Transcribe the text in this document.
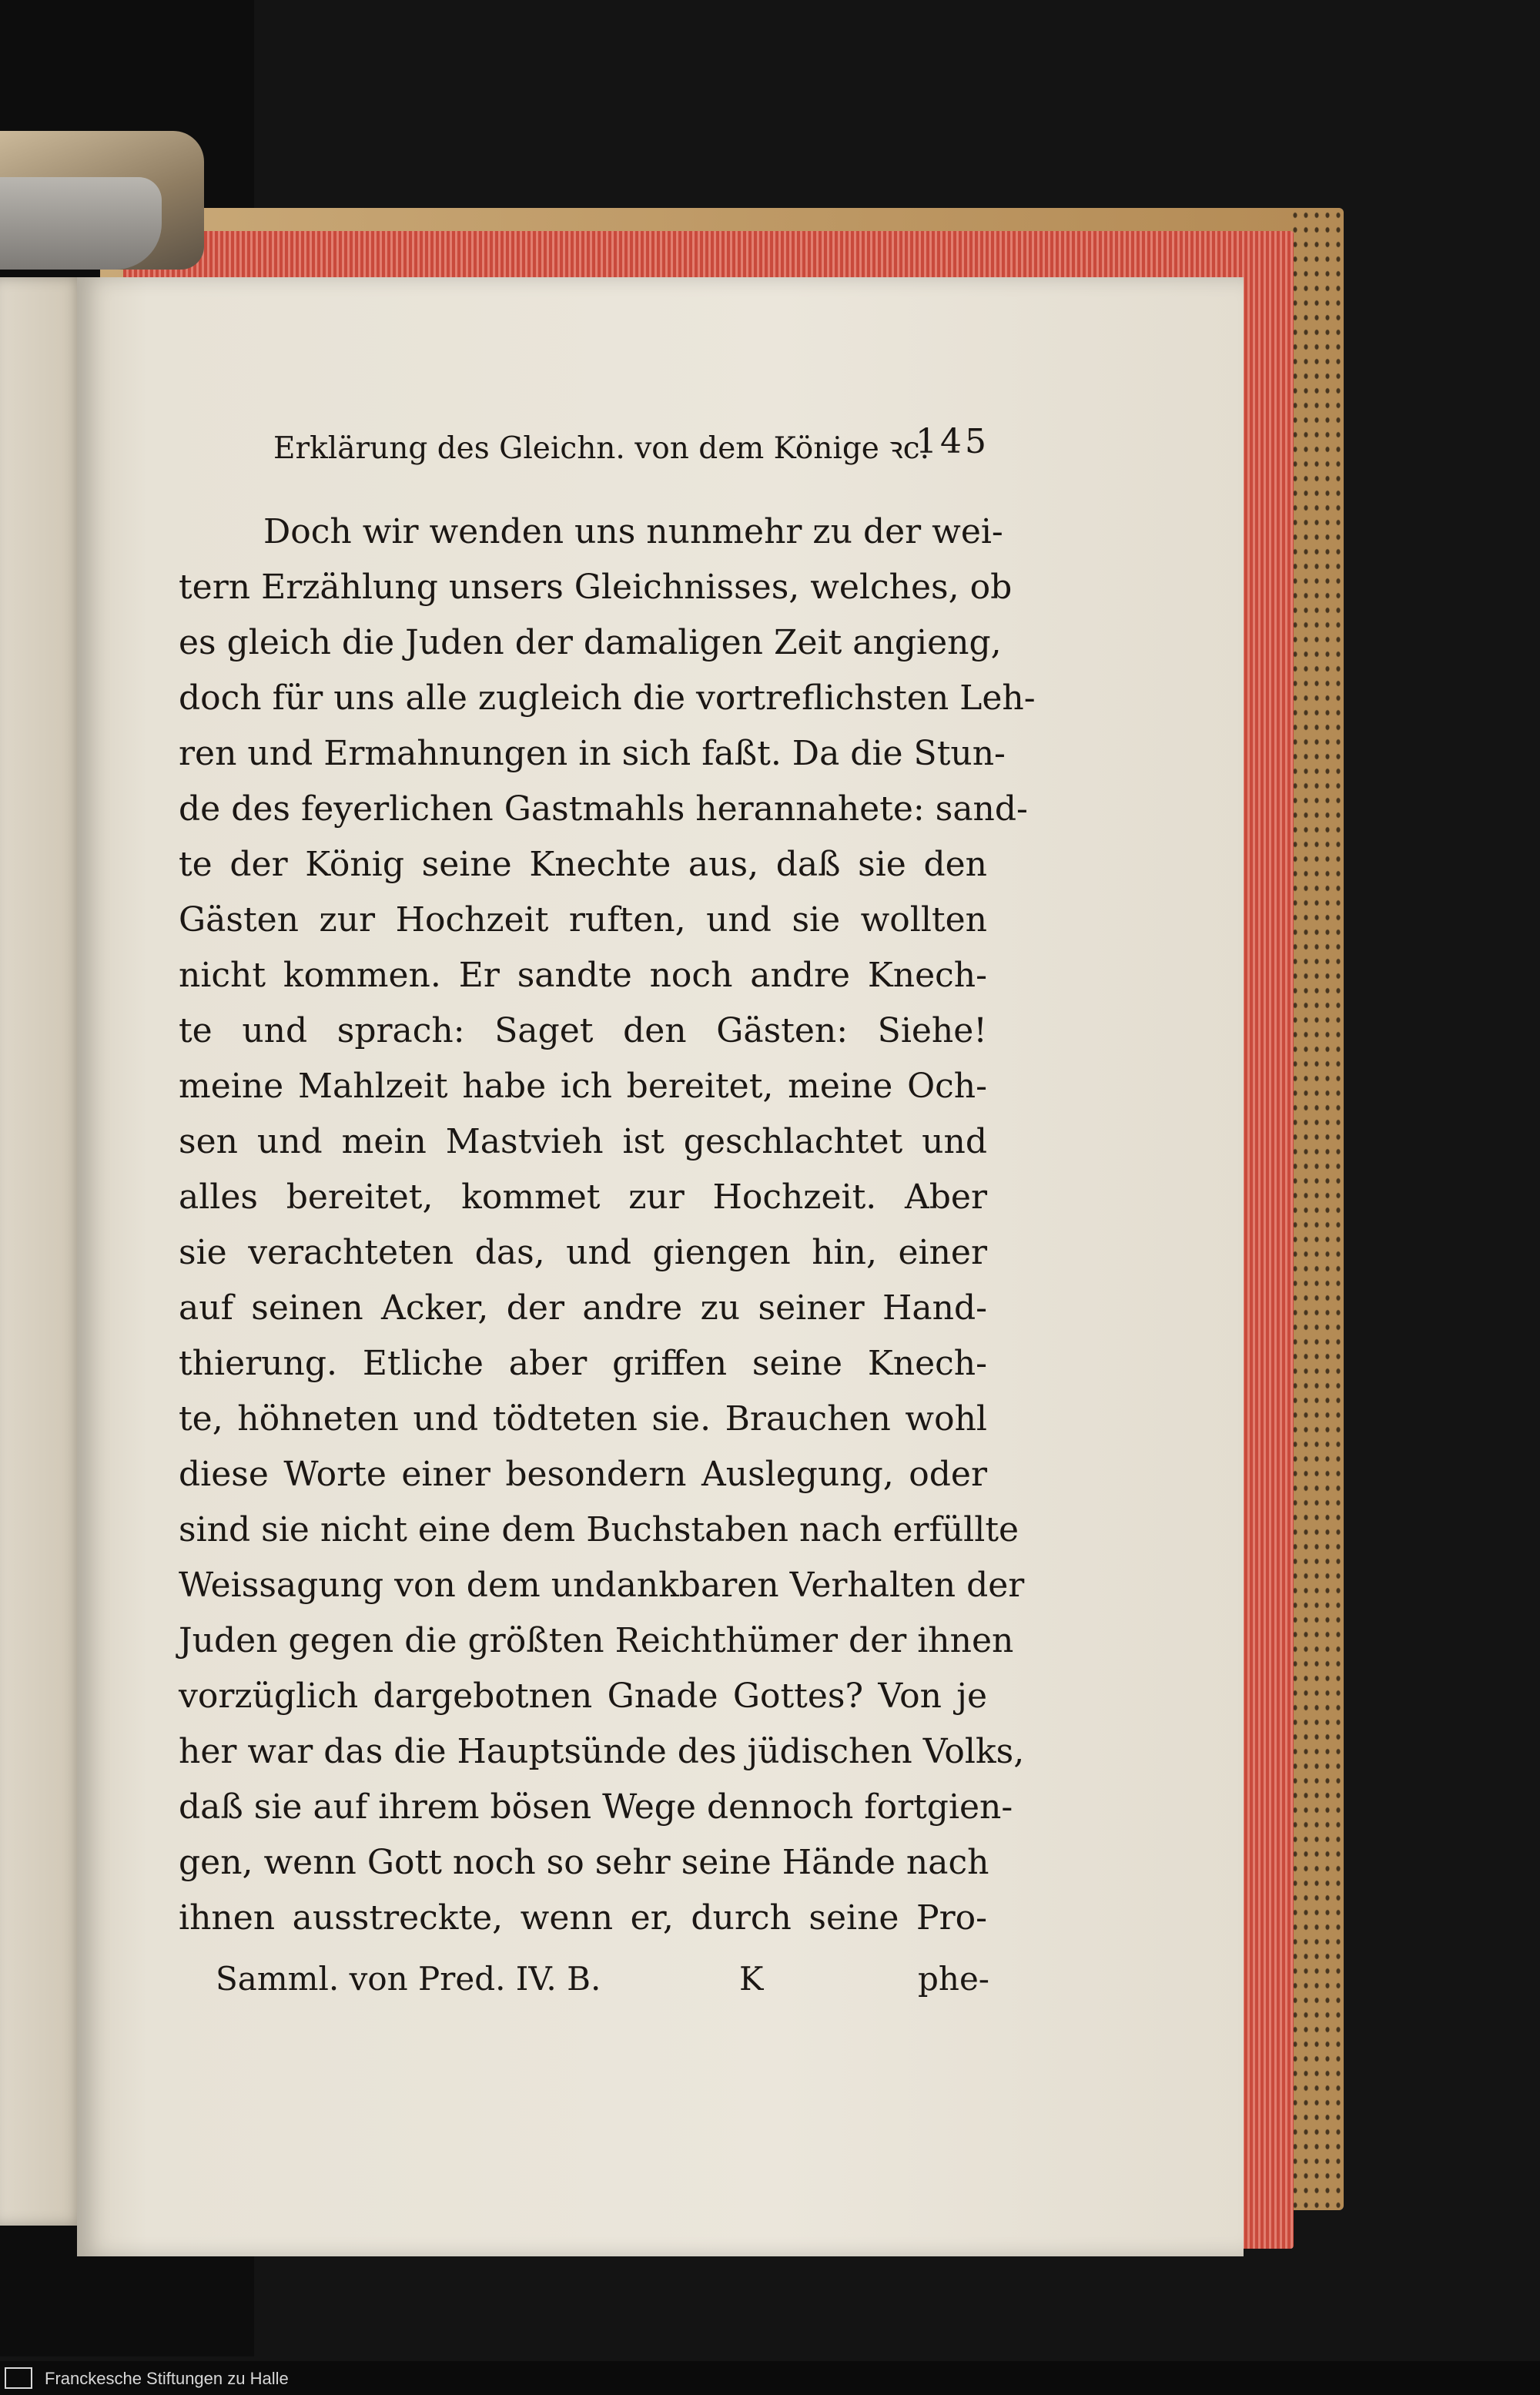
Erklärung des Gleichn. von dem Könige ꝛc.
145
Doch wir wenden uns nunmehr zu der wei-
tern Erzählung unsers Gleichnisses, welches, ob
es gleich die Juden der damaligen Zeit angieng,
doch für uns alle zugleich die vortreflichsten Leh-
ren und Ermahnungen in sich faßt. Da die Stun-
de des feyerlichen Gastmahls herannahete: sand-
te der König seine Knechte aus, daß sie den
Gästen zur Hochzeit ruften, und sie wollten
nicht kommen. Er sandte noch andre Knech-
te und sprach: Saget den Gästen: Siehe!
meine Mahlzeit habe ich bereitet, meine Och-
sen und mein Mastvieh ist geschlachtet und
alles bereitet, kommet zur Hochzeit. Aber
sie verachteten das, und giengen hin, einer
auf seinen Acker, der andre zu seiner Hand-
thierung. Etliche aber griffen seine Knech-
te, höhneten und tödteten sie. Brauchen wohl
diese Worte einer besondern Auslegung, oder
sind sie nicht eine dem Buchstaben nach erfüllte
Weissagung von dem undankbaren Verhalten der
Juden gegen die größten Reichthümer der ihnen
vorzüglich dargebotnen Gnade Gottes? Von je
her war das die Hauptsünde des jüdischen Volks,
daß sie auf ihrem bösen Wege dennoch fortgien-
gen, wenn Gott noch so sehr seine Hände nach
ihnen ausstreckte, wenn er, durch seine Pro-
Samml. von Pred. IV. B.	K	phe-
Franckesche Stiftungen zu Halle
